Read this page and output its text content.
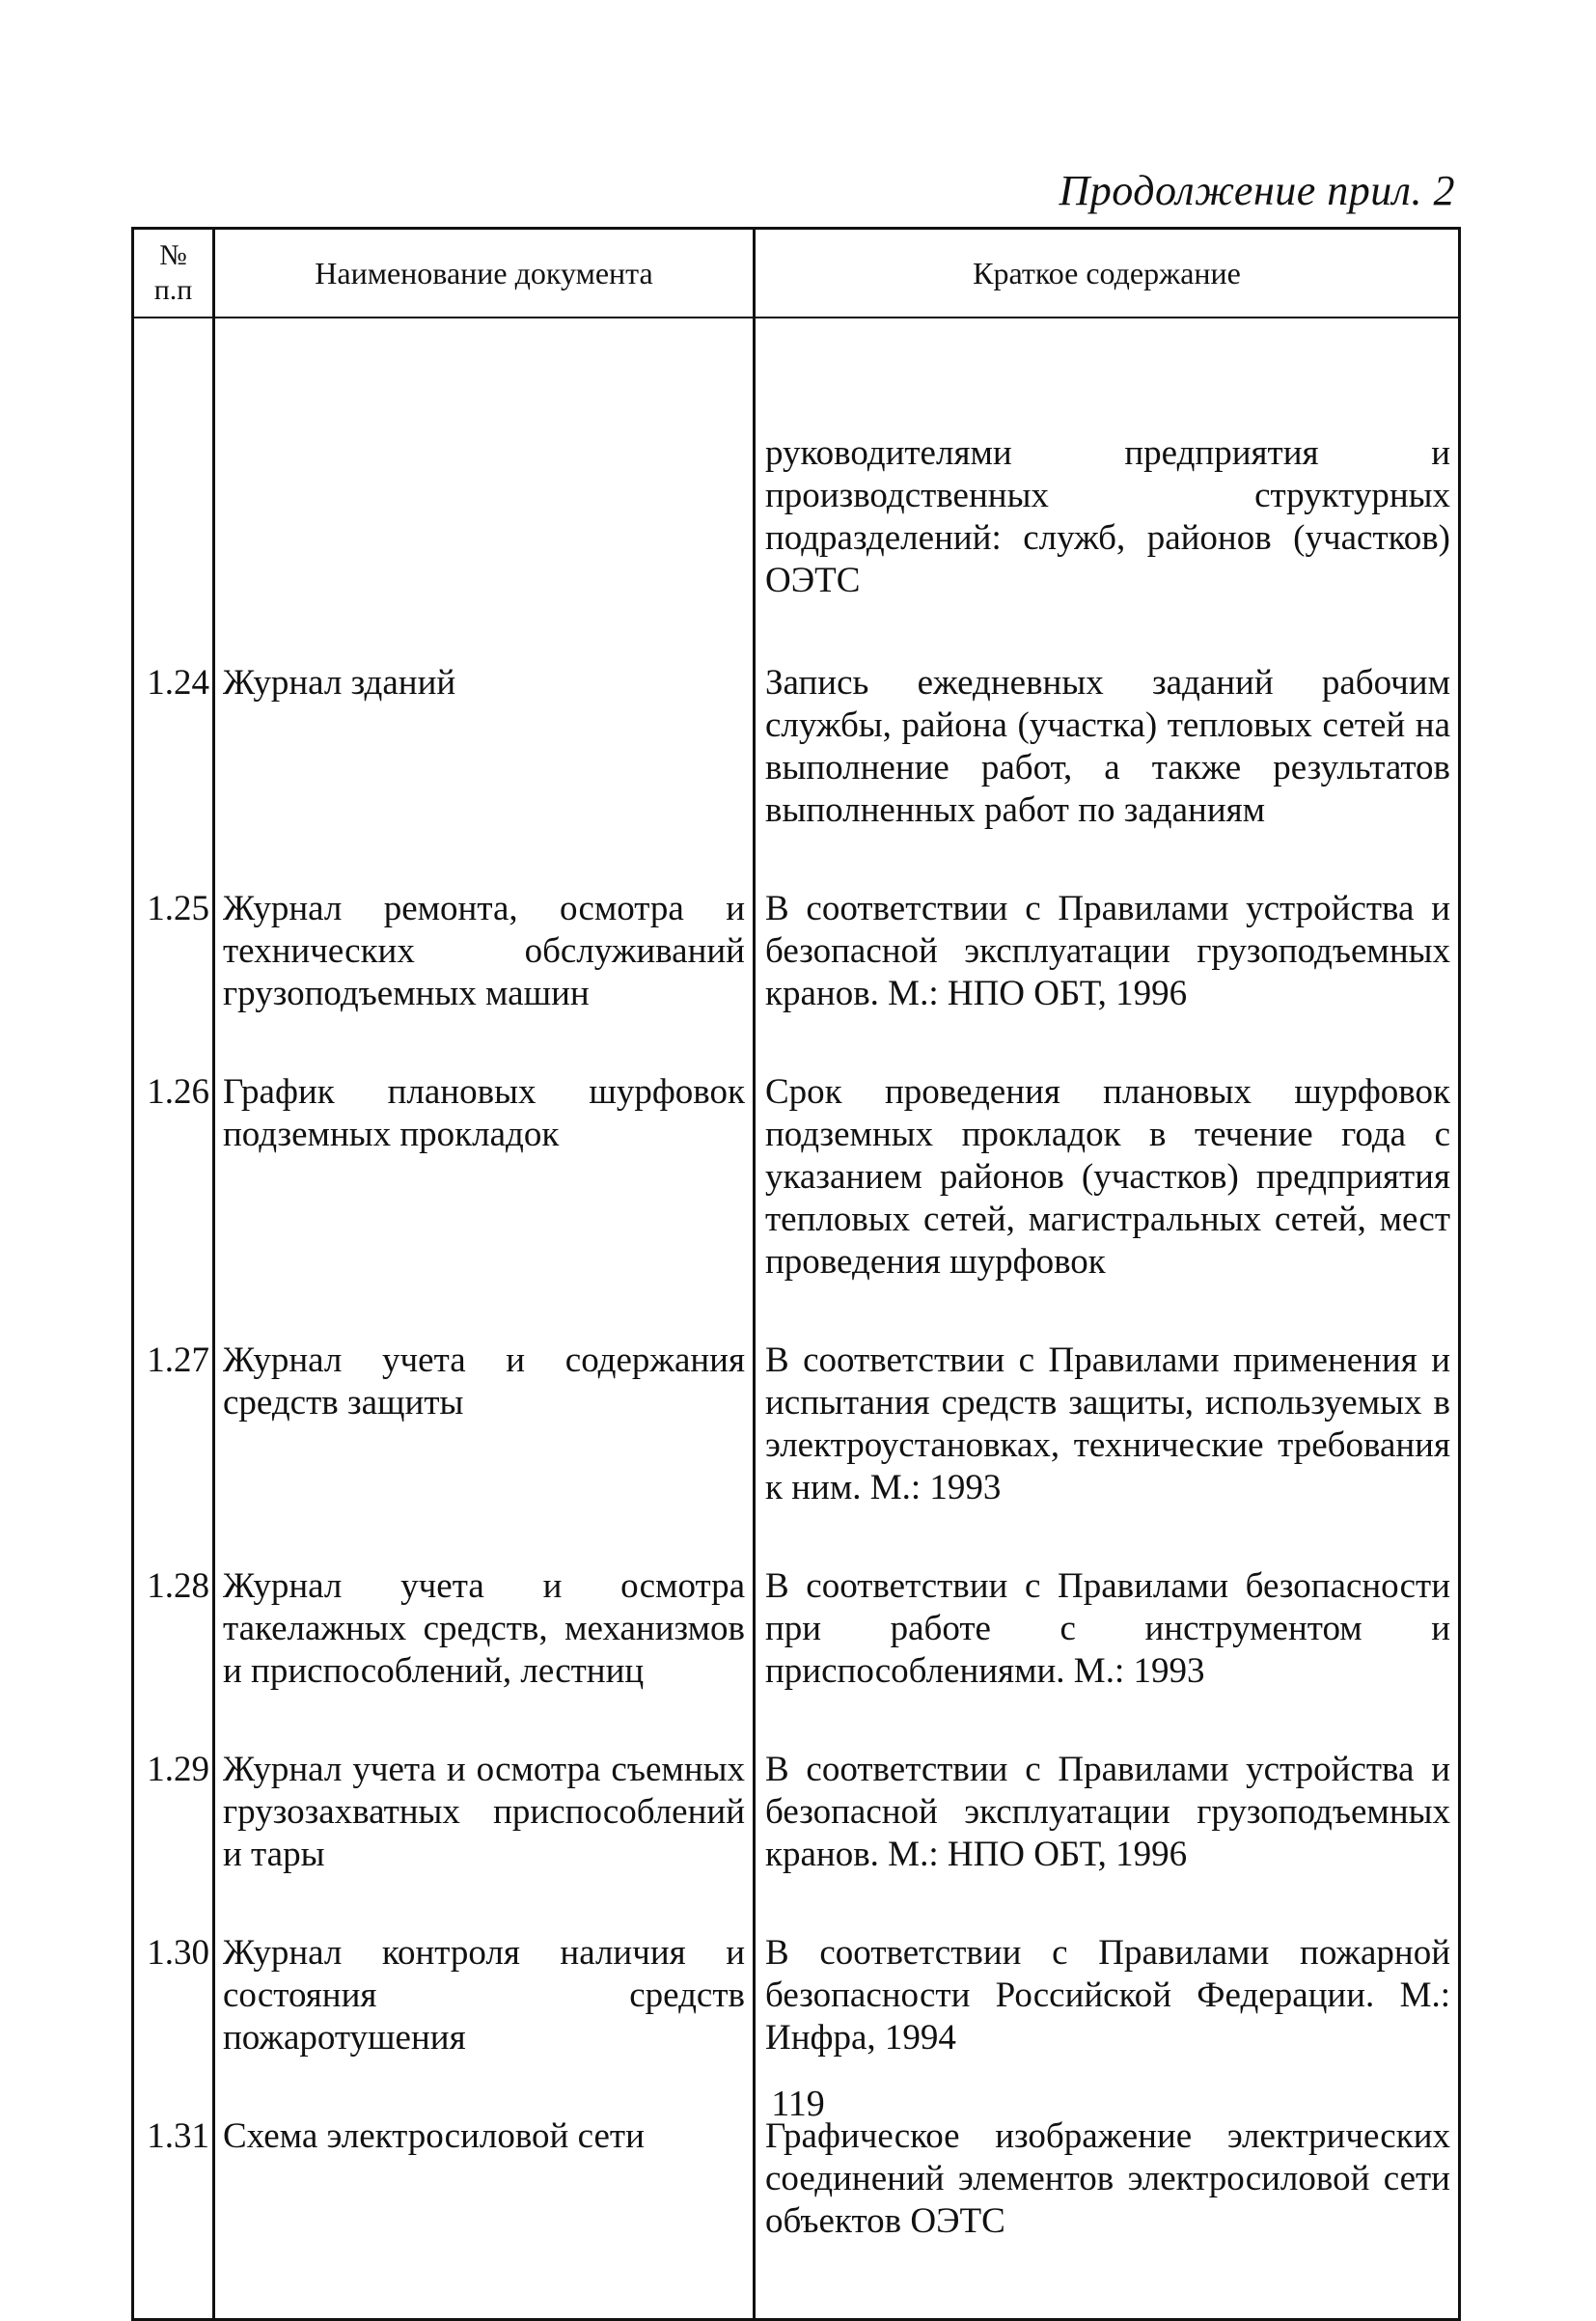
Продолжение прил. 2
№
п.п	Наименование документа	Краткое содержание
		руководителями предприятия и производственных структурных подразделений: служб, районов (участков) ОЭТС
1.24	Журнал зданий	Запись ежедневных заданий рабочим службы, района (участка) тепловых сетей на выполнение работ, а также результатов выполненных работ по заданиям
1.25	Журнал ремонта, осмотра и технических обслуживаний грузоподъемных машин	В соответствии с Правилами устройства и безопасной эксплуатации грузоподъемных кранов. М.: НПО ОБТ, 1996
1.26	График плановых шурфовок подземных прокладок	Срок проведения плановых шурфовок подземных прокладок в течение года с указанием районов (участков) предприятия тепловых сетей, магистральных сетей, мест проведения шурфовок
1.27	Журнал учета и содержания средств защиты	В соответствии с Правилами применения и испытания средств защиты, используемых в электроустановках, технические требования к ним. М.: 1993
1.28	Журнал учета и осмотра такелажных средств, механизмов и приспособлений, лестниц	В соответствии с Правилами безопасности при работе с инструментом и приспособлениями. М.: 1993
1.29	Журнал учета и осмотра съемных грузозахватных приспособлений и тары	В соответствии с Правилами устройства и безопасной эксплуатации грузоподъемных кранов. М.: НПО ОБТ, 1996
1.30	Журнал контроля наличия и состояния средств пожаротушения	В соответствии с Правилами пожарной безопасности Российской Федерации. М.: Инфра, 1994
1.31	Схема электросиловой сети	Графическое изображение электрических соединений элементов электросиловой сети объектов ОЭТС
119
